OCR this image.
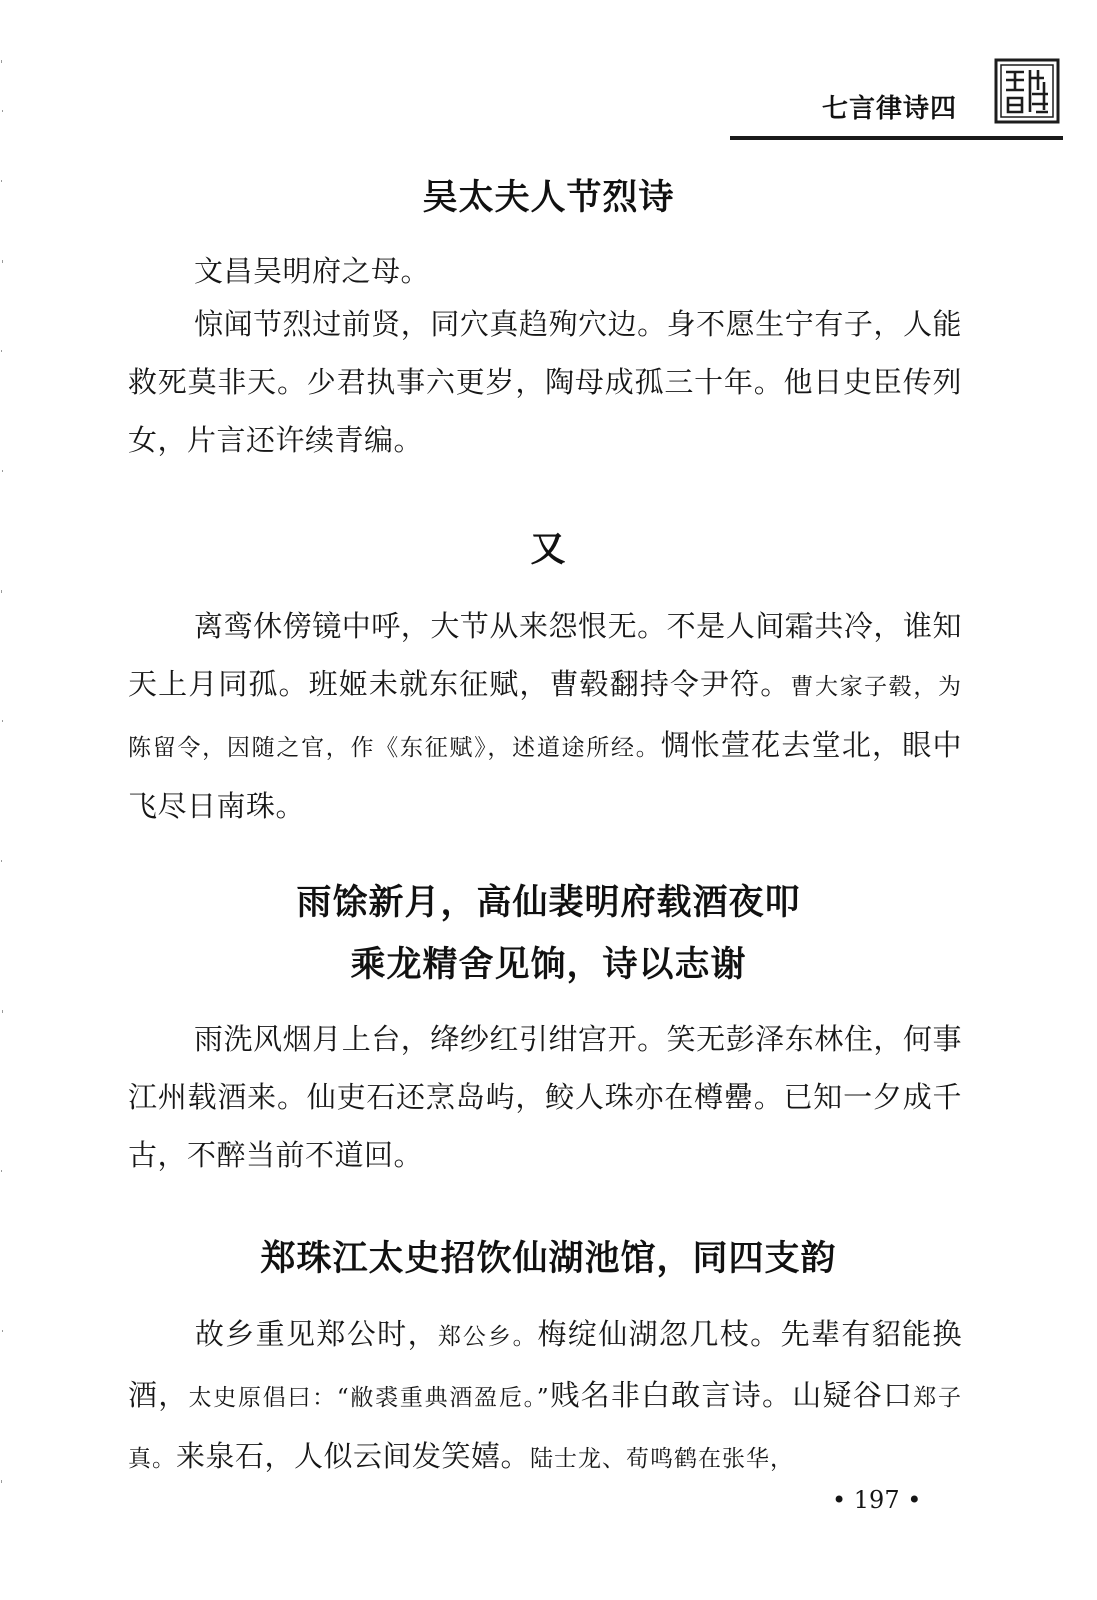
七言律诗四
吴太夫人节烈诗
文昌吴明府之母。
惊闻节烈过前贤，同穴真趋殉穴边。身不愿生宁有子，人能救死莫非天。少君执事六更岁，陶母成孤三十年。他日史臣传列女，片言还许续青编。
又
离鸾休傍镜中呼，大节从来怨恨无。不是人间霜共冷，谁知天上月同孤。班姬未就东征赋，曹毂翻持令尹符。曹大家子毂，为陈留令，因随之官，作《东征赋》，述道途所经。惆怅萱花去堂北，眼中飞尽日南珠。
雨馀新月，高仙裴明府载酒夜叩
乘龙精舍见饷，诗以志谢
雨洗风烟月上台，绛纱红引绀宫开。笑无彭泽东林住，何事江州载酒来。仙吏石还烹岛屿，鲛人珠亦在樽罍。已知一夕成千古，不醉当前不道回。
郑珠江太史招饮仙湖池馆，同四支韵
故乡重见郑公时，郑公乡。梅绽仙湖忽几枝。先辈有貂能换酒，太史原倡曰：“敝裘重典酒盈卮。”贱名非白敢言诗。山疑谷口郑子真。来泉石，人似云间发笑嬉。陆士龙、荀鸣鹤在张华，
• 197 •
